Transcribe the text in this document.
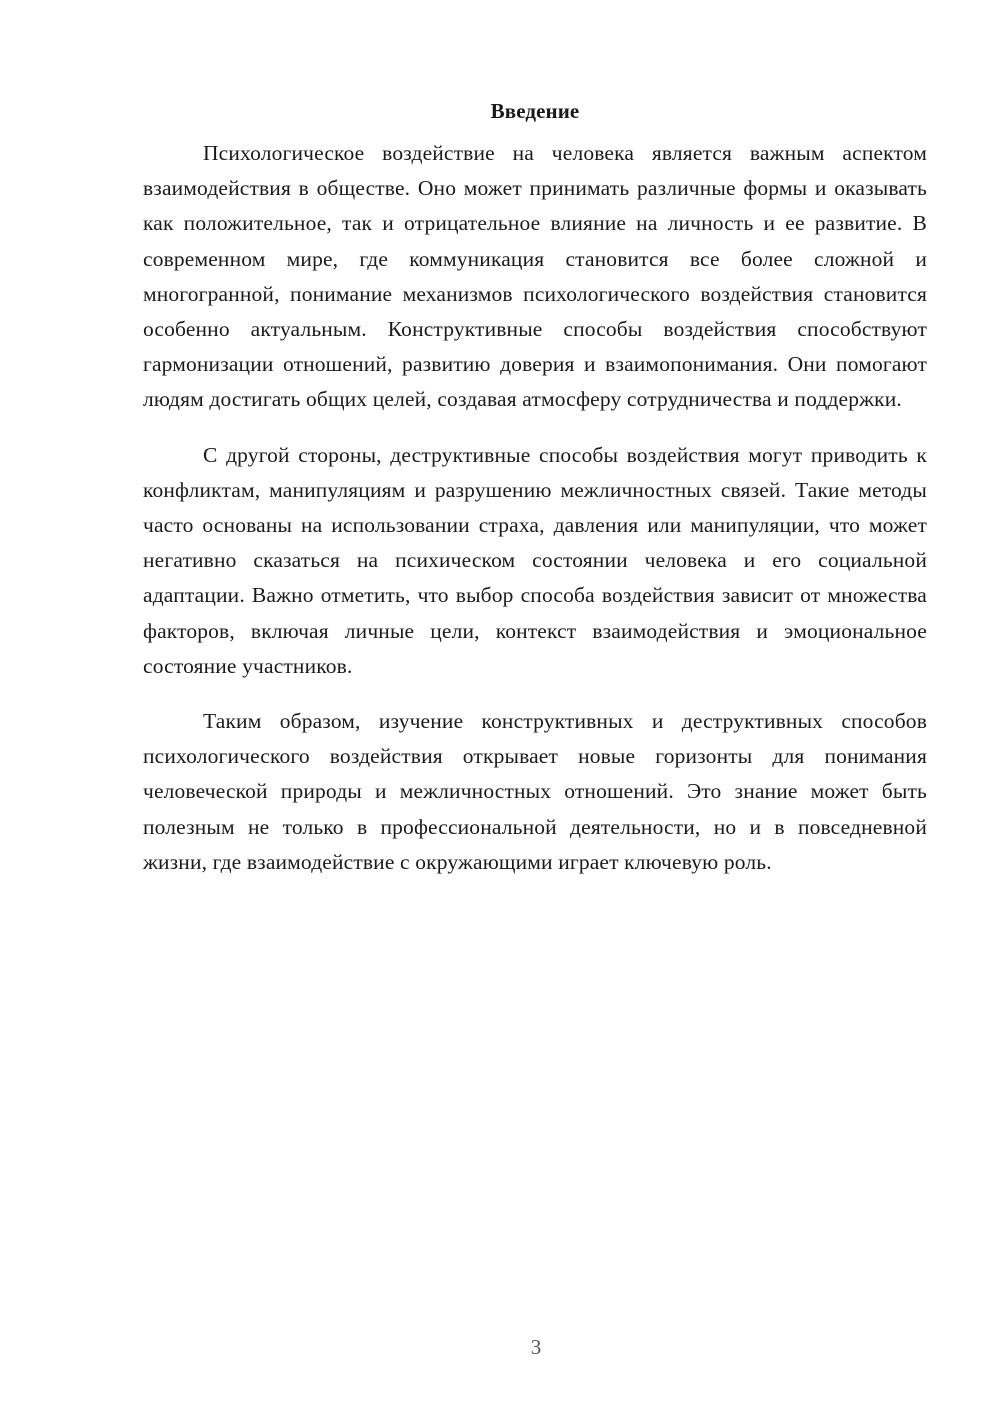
Введение

Психологическое воздействие на человека является важным аспектом взаимодействия в обществе. Оно может принимать различные формы и оказывать как положительное, так и отрицательное влияние на личность и ее развитие. В современном мире, где коммуникация становится все более сложной и многогранной, понимание механизмов психологического воздействия становится особенно актуальным. Конструктивные способы воздействия способствуют гармонизации отношений, развитию доверия и взаимопонимания. Они помогают людям достигать общих целей, создавая атмосферу сотрудничества и поддержки.

С другой стороны, деструктивные способы воздействия могут приводить к конфликтам, манипуляциям и разрушению межличностных связей. Такие методы часто основаны на использовании страха, давления или манипуляции, что может негативно сказаться на психическом состоянии человека и его социальной адаптации. Важно отметить, что выбор способа воздействия зависит от множества факторов, включая личные цели, контекст взаимодействия и эмоциональное состояние участников.

Таким образом, изучение конструктивных и деструктивных способов психологического воздействия открывает новые горизонты для понимания человеческой природы и межличностных отношений. Это знание может быть полезным не только в профессиональной деятельности, но и в повседневной жизни, где взаимодействие с окружающими играет ключевую роль.

3
